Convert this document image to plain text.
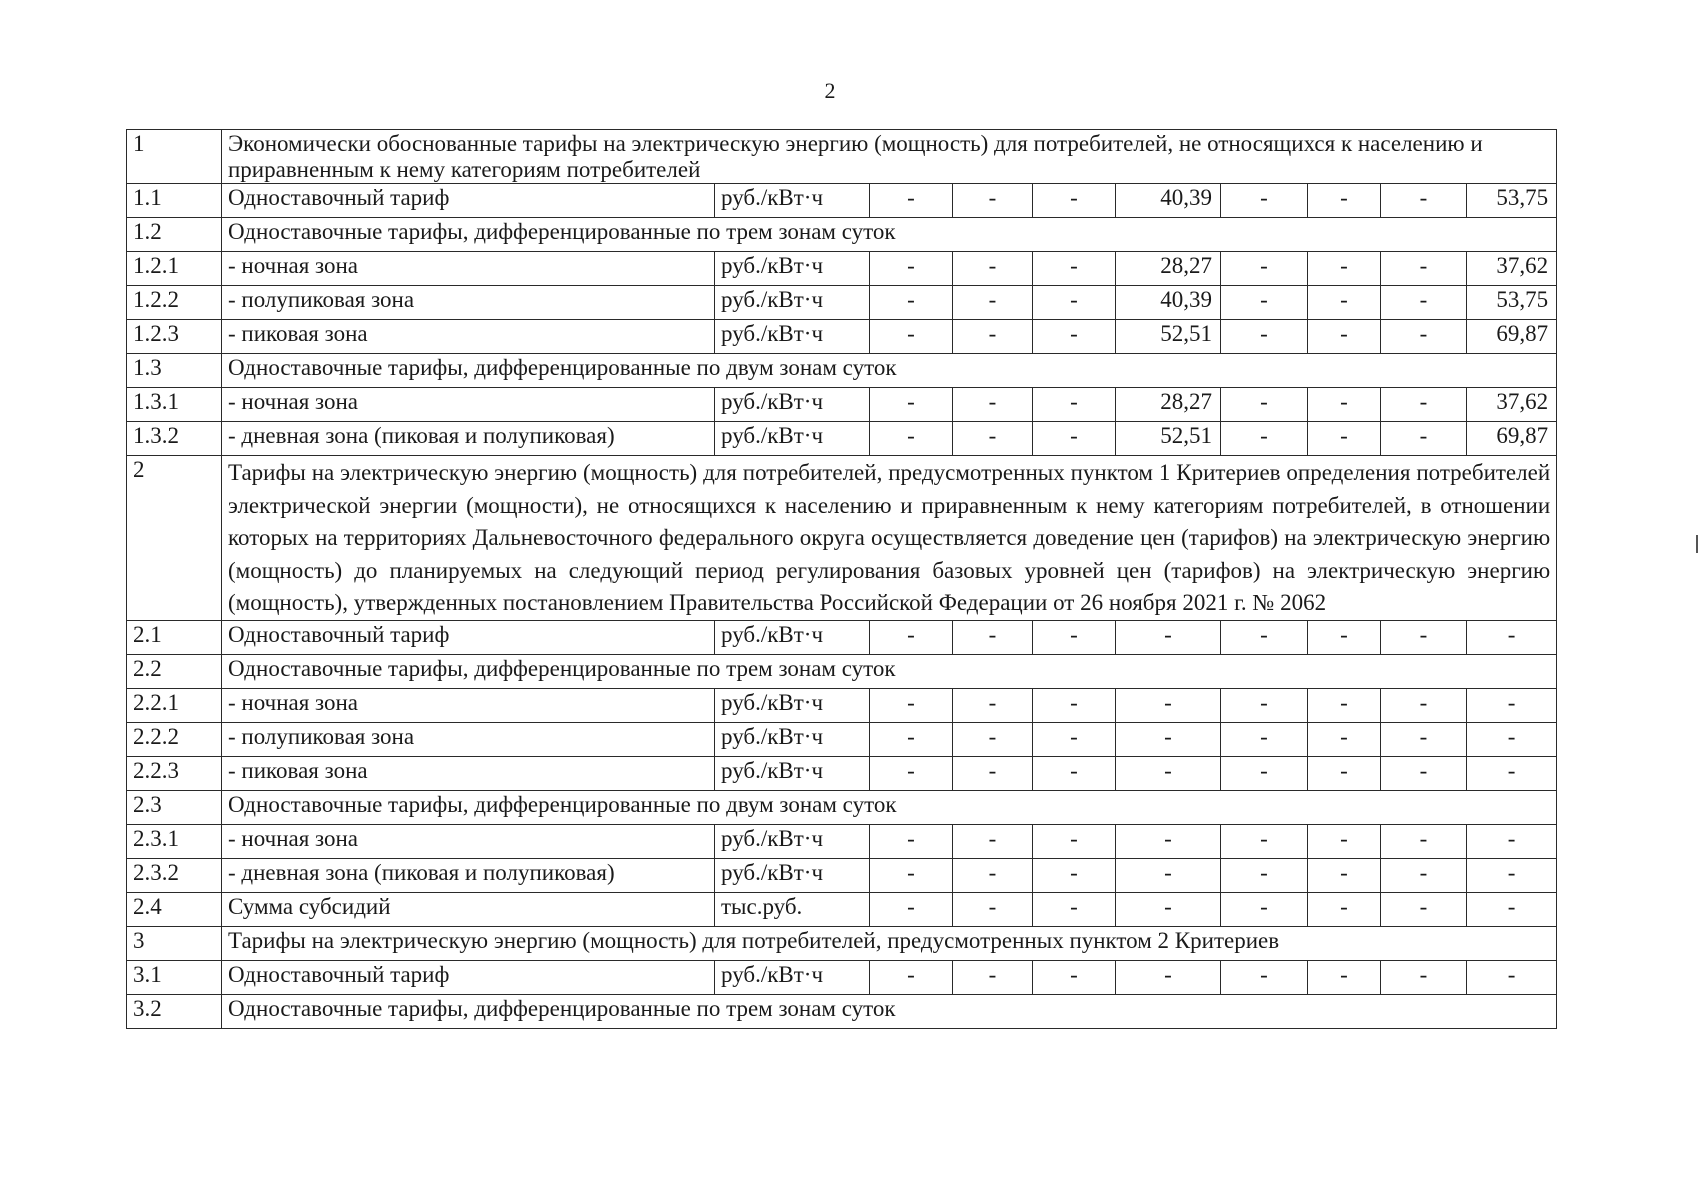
2
1	Экономически обоснованные тарифы на электрическую энергию (мощность) для потребителей, не относящихся к населению и приравненным к нему категориям потребителей									
1.1	Одноставочный тариф	руб./кВт·ч	-	-	-	40,39	-	-	-	53,75
1.2	Одноставочные тарифы, дифференцированные по трем зонам суток									
1.2.1	- ночная зона	руб./кВт·ч	-	-	-	28,27	-	-	-	37,62
1.2.2	- полупиковая зона	руб./кВт·ч	-	-	-	40,39	-	-	-	53,75
1.2.3	- пиковая зона	руб./кВт·ч	-	-	-	52,51	-	-	-	69,87
1.3	Одноставочные тарифы, дифференцированные по двум зонам суток									
1.3.1	- ночная зона	руб./кВт·ч	-	-	-	28,27	-	-	-	37,62
1.3.2	- дневная зона (пиковая и полупиковая)	руб./кВт·ч	-	-	-	52,51	-	-	-	69,87
2	Тарифы на электрическую энергию (мощность) для потребителей, предусмотренных пунктом 1 Критериев определения потребителей электрической энергии (мощности), не относящихся к населению и приравненным к нему категориям потребителей, в отношении которых на территориях Дальневосточного федерального округа осуществляется доведение цен (тарифов) на электрическую энергию (мощность) до планируемых на следующий период регулирования базовых уровней цен (тарифов) на электрическую энергию (мощность), утвержденных постановлением Правительства Российской Федерации от 26 ноября 2021 г. № 2062									
2.1	Одноставочный тариф	руб./кВт·ч	-	-	-	-	-	-	-	-
2.2	Одноставочные тарифы, дифференцированные по трем зонам суток									
2.2.1	- ночная зона	руб./кВт·ч	-	-	-	-	-	-	-	-
2.2.2	- полупиковая зона	руб./кВт·ч	-	-	-	-	-	-	-	-
2.2.3	- пиковая зона	руб./кВт·ч	-	-	-	-	-	-	-	-
2.3	Одноставочные тарифы, дифференцированные по двум зонам суток									
2.3.1	- ночная зона	руб./кВт·ч	-	-	-	-	-	-	-	-
2.3.2	- дневная зона (пиковая и полупиковая)	руб./кВт·ч	-	-	-	-	-	-	-	-
2.4	Сумма субсидий	тыс.руб.	-	-	-	-	-	-	-	-
3	Тарифы на электрическую энергию (мощность) для потребителей, предусмотренных пунктом 2 Критериев									
3.1	Одноставочный тариф	руб./кВт·ч	-	-	-	-	-	-	-	-
3.2	Одноставочные тарифы, дифференцированные по трем зонам суток									
